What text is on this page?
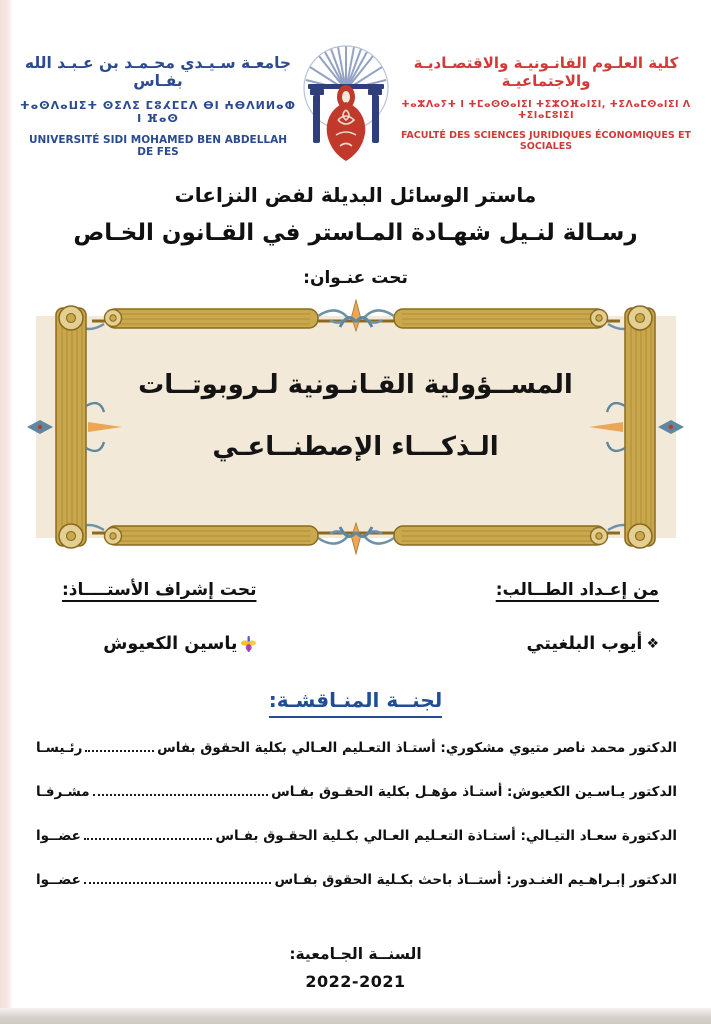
جامعـة سـيـدي محـمـد بن عـبـد الله بفـاس
ⵜⴰⵙⴷⴰⵡⵉⵜ ⵙⵉⴷⵉ ⵎⵓⵃⵎⵎⴷ ⴱⵏ ⵄⴱⴷⵍⵍⴰⵀ ⵏ ⴼⴰⵙ
UNIVERSITÉ SIDI MOHAMED BEN ABDELLAH DE FES
كلية العلـوم القانـونيـة والاقتصـاديـة والاجتماعيـة
ⵜⴰⵣⴷⴰⵢⵜ ⵏ ⵜⵎⴰⵙⵙⴰⵏⵉⵏ ⵜⵉⵣⵔⴼⴰⵏⵉⵏ, ⵜⵉⴷⴰⵎⵙⴰⵏⵉⵏ ⴷ ⵜⵉⵏⴰⵎⵓⵏⵉⵏ
FACULTÉ DES SCIENCES JURIDIQUES ÉCONOMIQUES ET SOCIALES
ماستر الوسائل البديلة لفض النزاعات
رسـالة لنـيل شهـادة المـاستر في القـانون الخـاص
تحت عنـوان:
المســؤولية القـانـونية لـروبوتــات
الـذكـــاء الإصطنــاعـي
من إعـداد الطــالب:
❖
أيوب البلغيتي
تحت إشراف الأستــــاذ:
ياسين الكعيوش
لجنــة المنـاقشـة:
الدكتور محمد ناصر متيوي مشكوري: أستـاذ التعـليم العـالي بكلية الحقوق بفاس
رئـيسـا
الدكتور يـاسـين الكعيوش: أستـاذ مؤهـل بكلية الحقـوق بفـاس
مشـرفـا
الدكتورة سعـاد التيـالي: أستـاذة التعـليم العـالي بكـلية الحقـوق بفـاس
عضــوا
الدكتور إبـراهـيم الغنـدور: أستــاذ باحث بكـلية الحقوق بفـاس
عضــوا
السنــة الجـامعية:
2022-2021
